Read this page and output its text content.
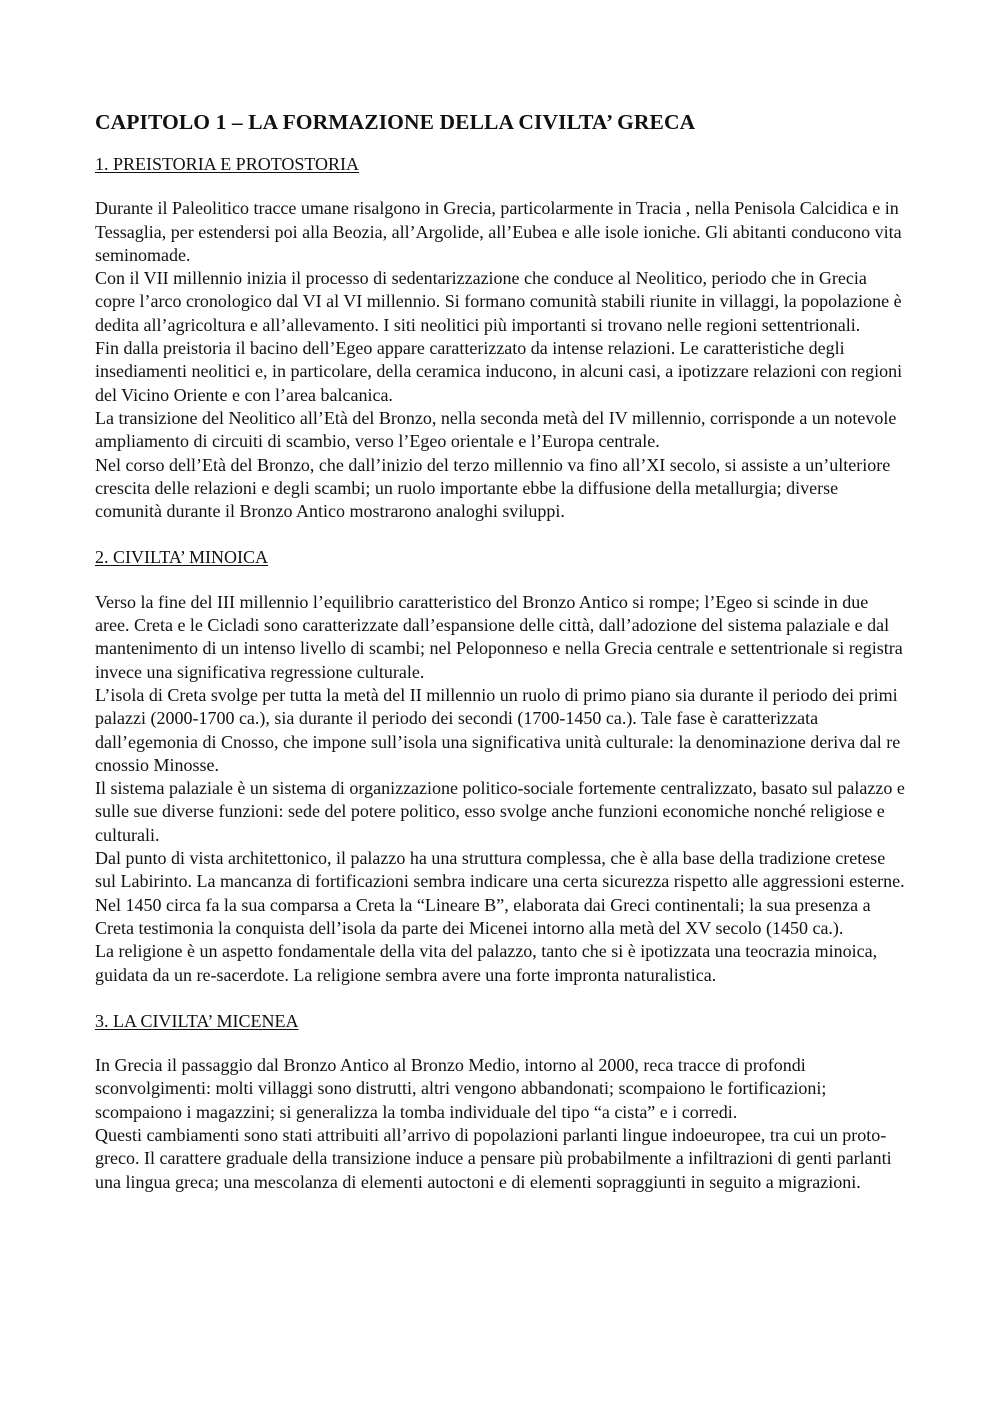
CAPITOLO 1 – LA FORMAZIONE DELLA CIVILTA’ GRECA
1. PREISTORIA E PROTOSTORIA

Durante il Paleolitico tracce umane risalgono in Grecia, particolarmente in Tracia , nella Penisola Calcidica e in Tessaglia, per estendersi poi alla Beozia, all’Argolide, all’Eubea e alle isole ioniche. Gli abitanti conducono vita seminomade.

Con il VII millennio inizia il processo di sedentarizzazione che conduce al Neolitico, periodo che in Grecia copre l’arco cronologico dal VI al VI millennio. Si formano comunità stabili riunite in villaggi, la popolazione è dedita all’agricoltura e all’allevamento. I siti neolitici più importanti si trovano nelle regioni settentrionali.

Fin dalla preistoria il bacino dell’Egeo appare caratterizzato da intense relazioni. Le caratteristiche degli insediamenti neolitici e, in particolare, della ceramica inducono, in alcuni casi, a ipotizzare relazioni con regioni del Vicino Oriente e con l’area balcanica.

La transizione del Neolitico all’Età del Bronzo, nella seconda metà del IV millennio, corrisponde a un notevole ampliamento di circuiti di scambio, verso l’Egeo orientale e l’Europa centrale.

Nel corso dell’Età del Bronzo, che dall’inizio del terzo millennio va fino all’XI secolo, si assiste a un’ulteriore crescita delle relazioni e degli scambi; un ruolo importante ebbe la diffusione della metallurgia; diverse comunità durante il Bronzo Antico mostrarono analoghi sviluppi.

2. CIVILTA’ MINOICA

Verso la fine del III millennio l’equilibrio caratteristico del Bronzo Antico si rompe; l’Egeo si scinde in due aree. Creta e le Cicladi sono caratterizzate dall’espansione delle città, dall’adozione del sistema palaziale e dal mantenimento di un intenso livello di scambi; nel Peloponneso e nella Grecia centrale e settentrionale si registra invece una significativa regressione culturale.

L’isola di Creta svolge per tutta la metà del II millennio un ruolo di primo piano sia durante il periodo dei primi palazzi (2000-1700 ca.), sia durante il periodo dei secondi (1700-1450 ca.). Tale fase è caratterizzata dall’egemonia di Cnosso, che impone sull’isola una significativa unità culturale: la denominazione deriva dal re cnossio Minosse.

Il sistema palaziale è un sistema di organizzazione politico-sociale fortemente centralizzato, basato sul palazzo e sulle sue diverse funzioni: sede del potere politico, esso svolge anche funzioni economiche nonché religiose e culturali.

Dal punto di vista architettonico, il palazzo ha una struttura complessa, che è alla base della tradizione cretese sul Labirinto. La mancanza di fortificazioni sembra indicare una certa sicurezza rispetto alle aggressioni esterne.

Nel 1450 circa fa la sua comparsa a Creta la “Lineare B”, elaborata dai Greci continentali; la sua presenza a Creta testimonia la conquista dell’isola da parte dei Micenei intorno alla metà del XV secolo (1450 ca.).

La religione è un aspetto fondamentale della vita del palazzo, tanto che si è ipotizzata una teocrazia minoica, guidata da un re-sacerdote. La religione sembra avere una forte impronta naturalistica.

3. LA CIVILTA’ MICENEA

In Grecia il passaggio dal Bronzo Antico al Bronzo Medio, intorno al 2000, reca tracce di profondi sconvolgimenti: molti villaggi sono distrutti, altri vengono abbandonati; scompaiono le fortificazioni; scompaiono i magazzini; si generalizza la tomba individuale del tipo “a cista” e i corredi.

Questi cambiamenti sono stati attribuiti all’arrivo di popolazioni parlanti lingue indoeuropee, tra cui un proto-greco. Il carattere graduale della transizione induce a pensare più probabilmente a infiltrazioni di genti parlanti una lingua greca; una mescolanza di elementi autoctoni e di elementi sopraggiunti in seguito a migrazioni.
